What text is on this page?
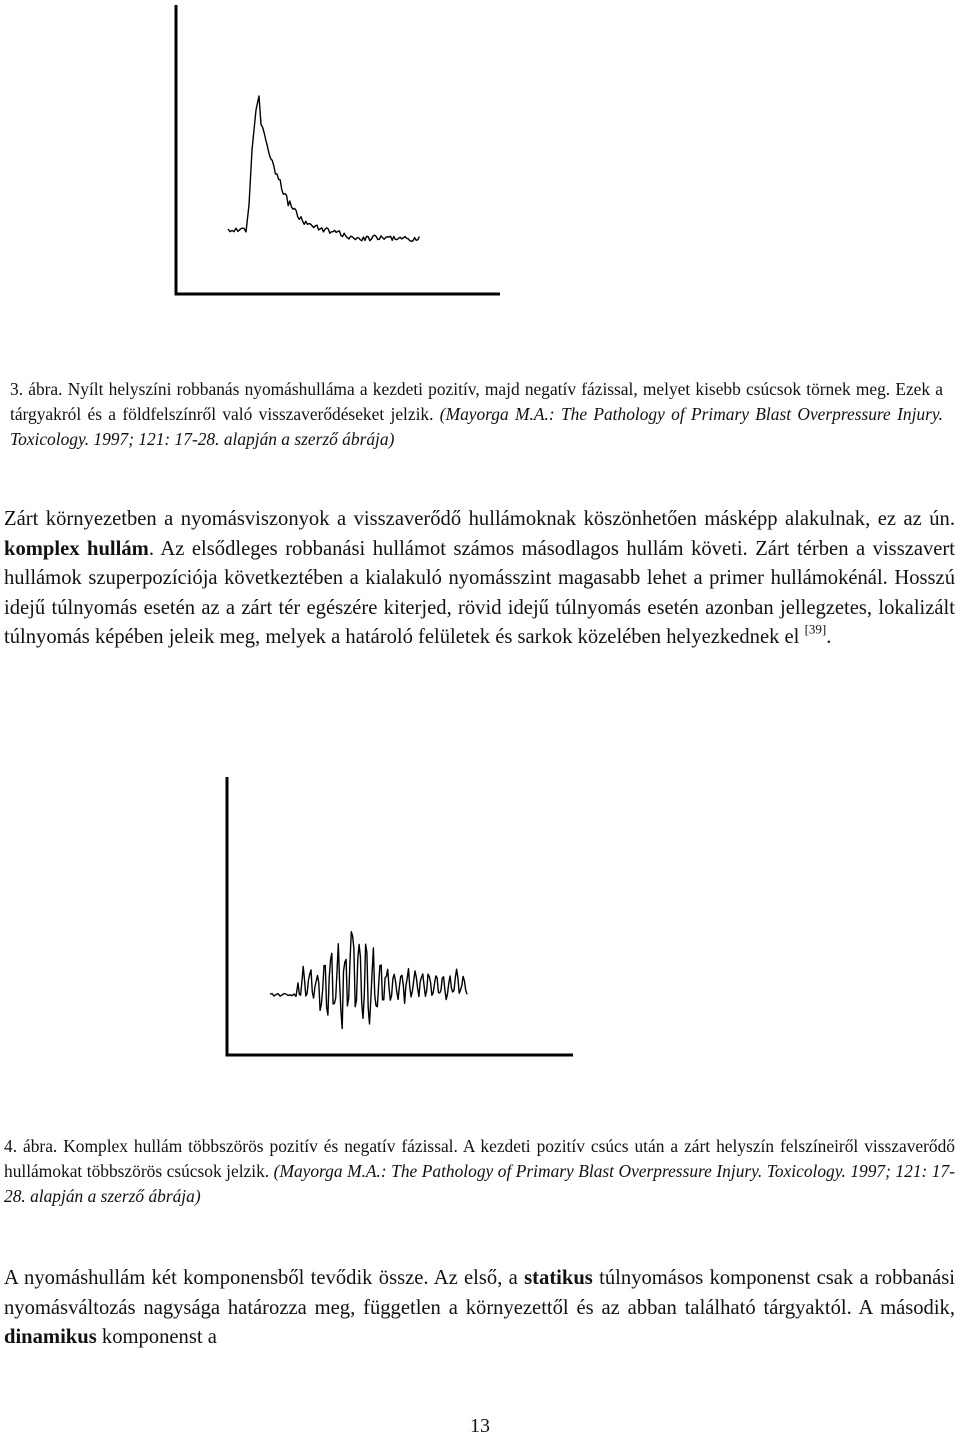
3. ábra. Nyílt helyszíni robbanás nyomáshulláma a kezdeti pozitív, majd negatív fázissal, melyet kisebb csúcsok törnek meg. Ezek a tárgyakról és a földfelszínről való visszaverődéseket jelzik. (Mayorga M.A.: The Pathology of Primary Blast Overpressure Injury. Toxicology. 1997; 121: 17-28. alapján a szerző ábrája)
Zárt környezetben a nyomásviszonyok a visszaverődő hullámoknak köszönhetően másképp alakulnak, ez az ún. komplex hullám. Az elsődleges robbanási hullámot számos másodlagos hullám követi. Zárt térben a visszavert hullámok szuperpozíciója következtében a kialakuló nyomásszint magasabb lehet a primer hullámokénál. Hosszú idejű túlnyomás esetén az a zárt tér egészére kiterjed, rövid idejű túlnyomás esetén azonban jellegzetes, lokalizált túlnyomás képében jeleik meg, melyek a határoló felületek és sarkok közelében helyezkednek el [39].
4. ábra. Komplex hullám többszörös pozitív és negatív fázissal. A kezdeti pozitív csúcs után a zárt helyszín felszíneiről visszaverődő hullámokat többszörös csúcsok jelzik. (Mayorga M.A.: The Pathology of Primary Blast Overpressure Injury. Toxicology. 1997; 121: 17-28. alapján a szerző ábrája)
A nyomáshullám két komponensből tevődik össze. Az első, a statikus túlnyomásos komponenst csak a robbanási nyomásváltozás nagysága határozza meg, független a környezettől és az abban található tárgyaktól. A második, dinamikus komponenst a
13
